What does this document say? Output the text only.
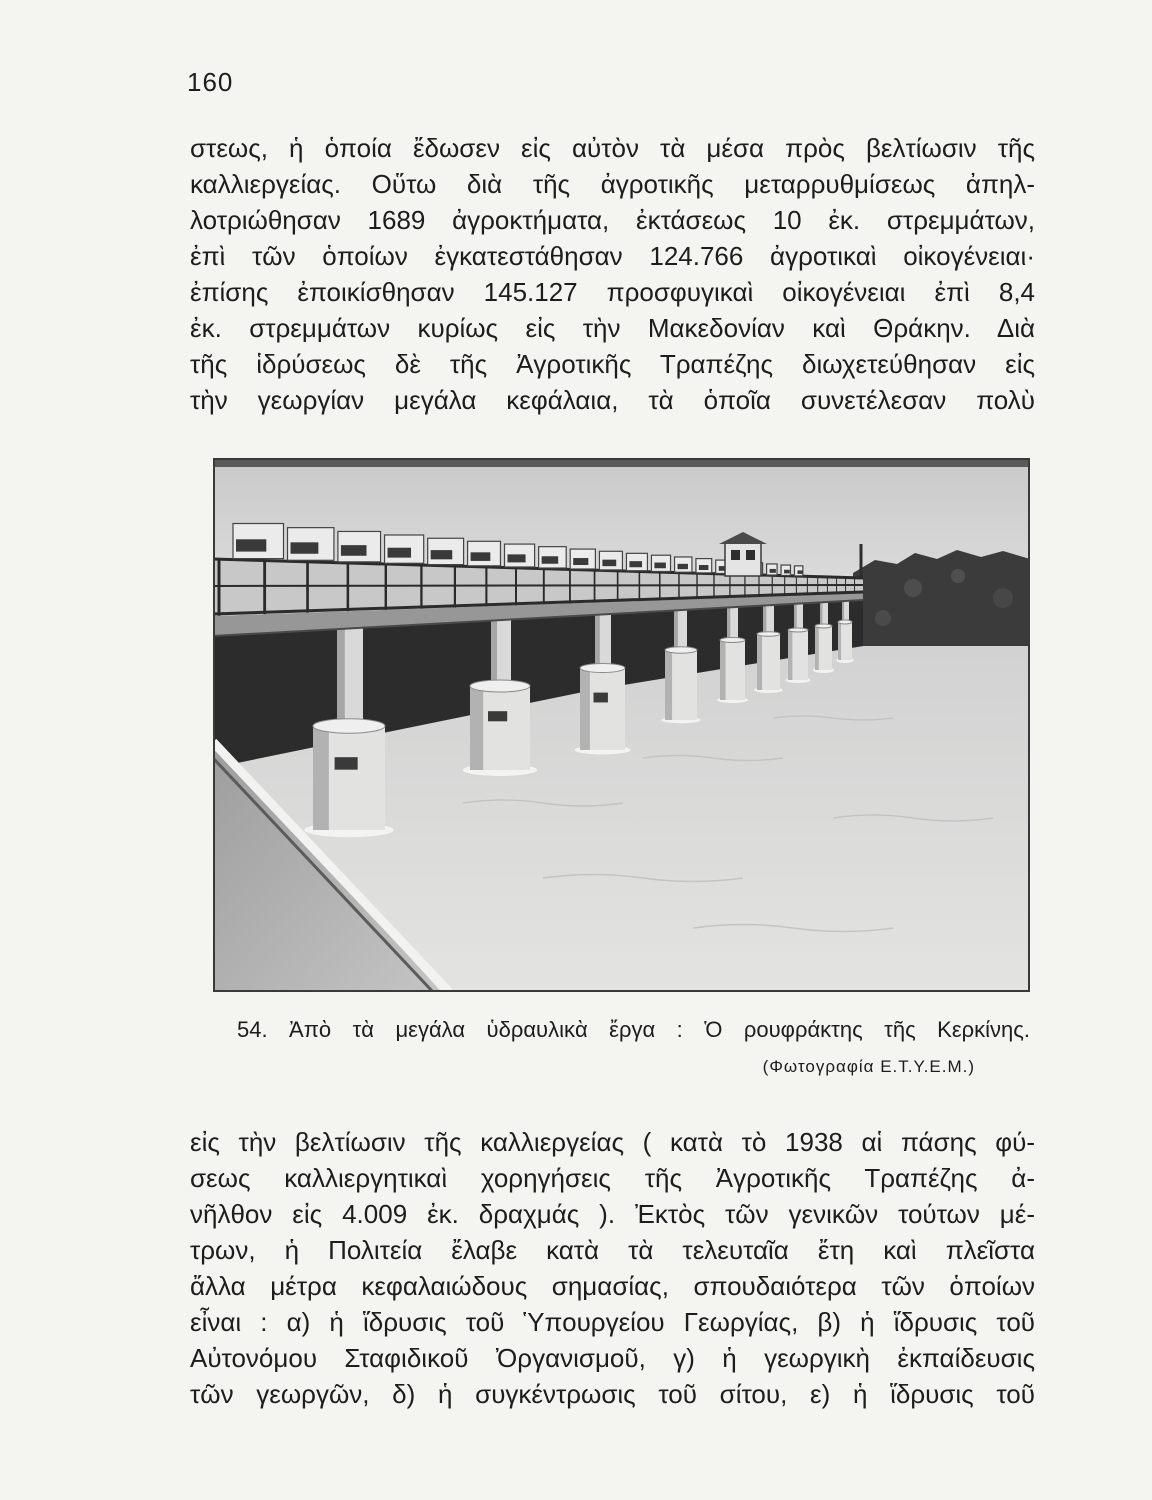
160
στεως, ἡ ὁποία ἔδωσεν εἰς αὐτὸν τὰ μέσα πρὸς βελτίωσιν τῆς
καλλιεργείας. Οὕτω διὰ τῆς ἀγροτικῆς μεταρρυθμίσεως ἀπηλ-
λοτριώθησαν 1689 ἀγροκτήματα, ἐκτάσεως 10 ἐκ. στρεμμάτων,
ἐπὶ τῶν ὁποίων ἐγκατεστάθησαν 124.766 ἀγροτικαὶ οἰκογένειαι·
ἐπίσης ἐποικίσθησαν 145.127 προσφυγικαὶ οἰκογένειαι ἐπὶ 8,4
ἐκ. στρεμμάτων κυρίως εἰς τὴν Μακεδονίαν καὶ Θράκην. Διὰ
τῆς ἱδρύσεως δὲ τῆς Ἀγροτικῆς Τραπέζης διωχετεύθησαν εἰς
τὴν γεωργίαν μεγάλα κεφάλαια, τὰ ὁποῖα συνετέλεσαν πολὺ
54. Ἀπὸ τὰ μεγάλα ὑδραυλικὰ ἔργα : Ὁ ρουφράκτης τῆς Κερκίνης.
(Φωτογραφία Ε.Τ.Υ.Ε.Μ.)
εἰς τὴν βελτίωσιν τῆς καλλιεργείας ( κατὰ τὸ 1938 αἱ πάσης φύ-
σεως καλλιεργητικαὶ χορηγήσεις τῆς Ἀγροτικῆς Τραπέζης ἀ-
νῆλθον εἰς 4.009 ἐκ. δραχμάς ). Ἐκτὸς τῶν γενικῶν τούτων μέ-
τρων, ἡ Πολιτεία ἔλαβε κατὰ τὰ τελευταῖα ἔτη καὶ πλεῖστα
ἄλλα μέτρα κεφαλαιώδους σημασίας, σπουδαιότερα τῶν ὁποίων
εἶναι : α) ἡ ἵδρυσις τοῦ Ὑπουργείου Γεωργίας, β) ἡ ἵδρυσις τοῦ
Αὐτονόμου Σταφιδικοῦ Ὀργανισμοῦ, γ) ἡ γεωργικὴ ἐκπαίδευσις
τῶν γεωργῶν, δ) ἡ συγκέντρωσις τοῦ σίτου, ε) ἡ ἵδρυσις τοῦ
